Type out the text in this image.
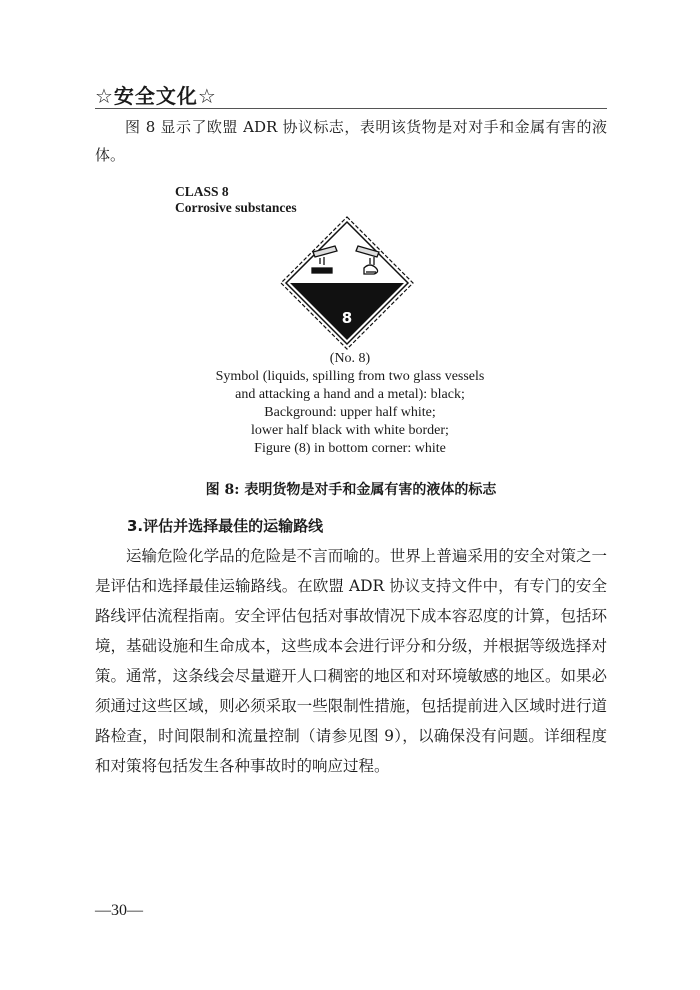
☆安全文化☆

图 8 显示了欧盟 ADR 协议标志，表明该货物是对对手和金属有害的液体。

CLASS 8
Corrosive substances
8
(No. 8)
Symbol (liquids, spilling from two glass vessels
and attacking a hand and a metal): black;
Background: upper half white;
lower half black with white border;
Figure (8) in bottom corner: white
图 8: 表明货物是对手和金属有害的液体的标志
3.评估并选择最佳的运输路线

运输危险化学品的危险是不言而喻的。世界上普遍采用的安全对策之一是评估和选择最佳运输路线。在欧盟 ADR 协议支持文件中，有专门的安全路线评估流程指南。安全评估包括对事故情况下成本容忍度的计算，包括环境，基础设施和生命成本，这些成本会进行评分和分级，并根据等级选择对策。通常，这条线会尽量避开人口稠密的地区和对环境敏感的地区。如果必须通过这些区域，则必须采取一些限制性措施，包括提前进入区域时进行道路检查，时间限制和流量控制（请参见图 9），以确保没有问题。详细程度和对策将包括发生各种事故时的响应过程。

—30—
